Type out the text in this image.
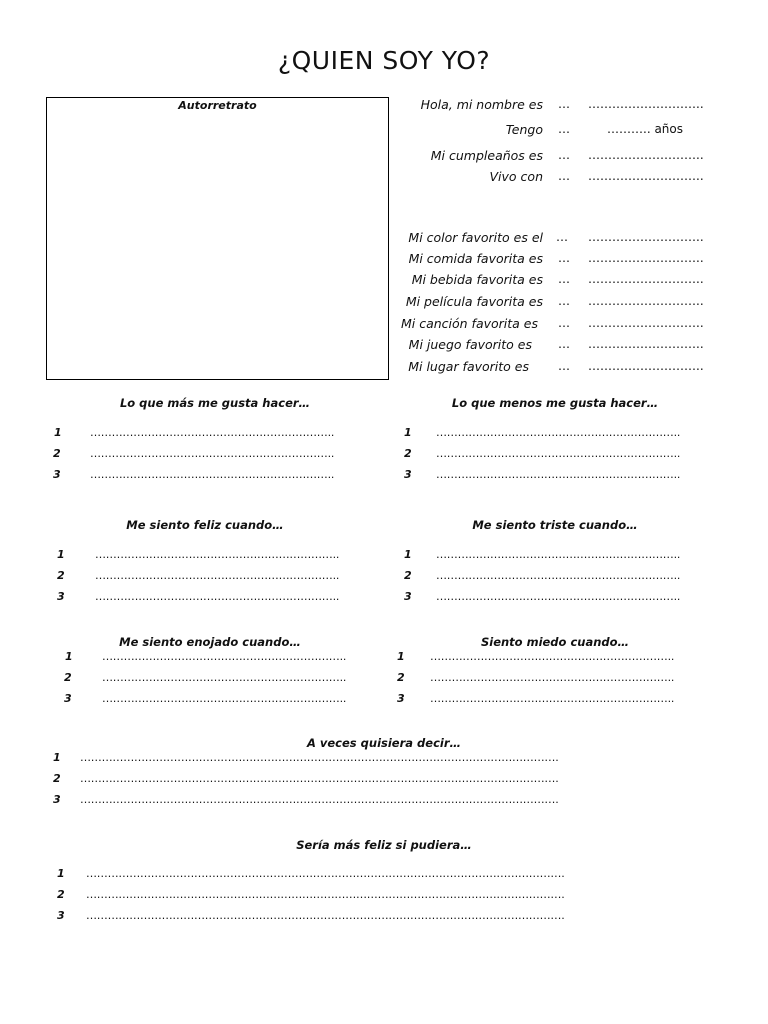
¿QUIEN SOY YO?
Autorretrato	Hola, mi nombre es … ………………………..
Tengo …	……….. años
Mi cumpleaños es … ………………………..
Vivo con … ………………………..
Mi color favorito es el … ………………………..
Mi comida favorita es … ………………………..
Mi bebida favorita es … ………………………..
Mi película favorita es … ………………………..
Mi canción favorita es … ………………………..
Mi juego favorito es … ………………………..
Mi lugar favorito es … ………………………..
Lo que más me gusta hacer…
1	…………………………………………………………..
2	…………………………………………………………..
3	…………………………………………………………..
Lo que menos me gusta hacer…
1 …………………………………………………………..
2 …………………………………………………………..
3 …………………………………………………………..
Me siento feliz cuando…
1	…………………………………………………………..
2	…………………………………………………………..
3	…………………………………………………………..
Me siento triste cuando…
1 …………………………………………………………..
2 …………………………………………………………..
3 …………………………………………………………..
Me siento enojado cuando…
1	…………………………………………………………..
2	…………………………………………………………..
3	…………………………………………………………..
Siento miedo cuando…
1 …………………………………………………………..
2 …………………………………………………………..
3 …………………………………………………………..
A veces quisiera decir…
1 …………………………………………………………………………………………………………………….
2 …………………………………………………………………………………………………………………….
3 …………………………………………………………………………………………………………………….
Sería más feliz si pudiera…
1 …………………………………………………………………………………………………………………….
2 …………………………………………………………………………………………………………………….
3 …………………………………………………………………………………………………………………….
